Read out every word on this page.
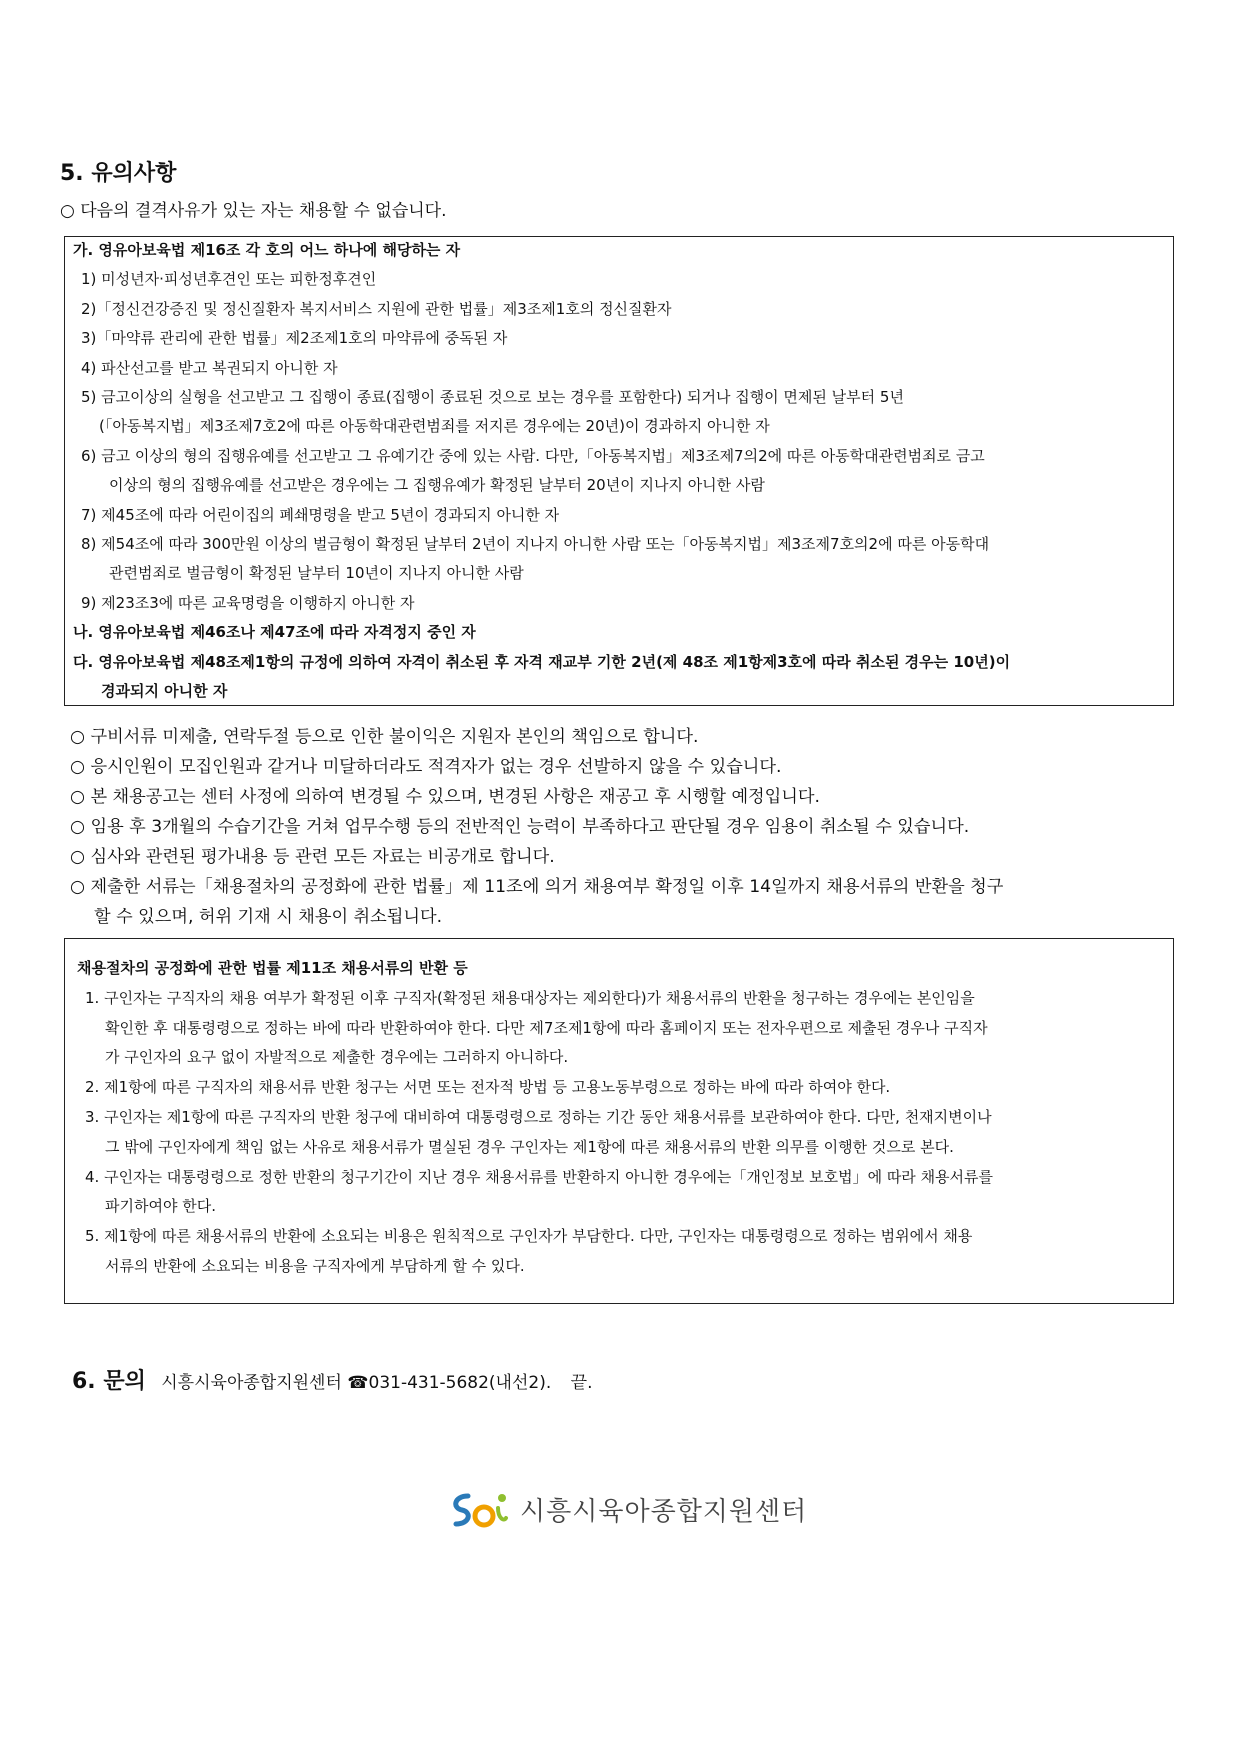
5. 유의사항
○ 다음의 결격사유가 있는 자는 채용할 수 없습니다.
가. 영유아보육법 제16조 각 호의 어느 하나에 해당하는 자
1) 미성년자·피성년후견인 또는 피한정후견인
2)「정신건강증진 및 정신질환자 복지서비스 지원에 관한 법률」제3조제1호의 정신질환자
3)「마약류 관리에 관한 법률」제2조제1호의 마약류에 중독된 자
4) 파산선고를 받고 복권되지 아니한 자
5) 금고이상의 실형을 선고받고 그 집행이 종료(집행이 종료된 것으로 보는 경우를 포함한다) 되거나 집행이 면제된 날부터 5년
(「아동복지법」제3조제7호2에 따른 아동학대관련범죄를 저지른 경우에는 20년)이 경과하지 아니한 자
6) 금고 이상의 형의 집행유예를 선고받고 그 유예기간 중에 있는 사람. 다만,「아동복지법」제3조제7의2에 따른 아동학대관련범죄로 금고
이상의 형의 집행유예를 선고받은 경우에는 그 집행유예가 확정된 날부터 20년이 지나지 아니한 사람
7) 제45조에 따라 어린이집의 폐쇄명령을 받고 5년이 경과되지 아니한 자
8) 제54조에 따라 300만원 이상의 벌금형이 확정된 날부터 2년이 지나지 아니한 사람 또는「아동복지법」제3조제7호의2에 따른 아동학대
관련범죄로 벌금형이 확정된 날부터 10년이 지나지 아니한 사람
9) 제23조3에 따른 교육명령을 이행하지 아니한 자
나. 영유아보육법 제46조나 제47조에 따라 자격정지 중인 자
다. 영유아보육법 제48조제1항의 규정에 의하여 자격이 취소된 후 자격 재교부 기한 2년(제 48조 제1항제3호에 따라 취소된 경우는 10년)이
경과되지 아니한 자
○ 구비서류 미제출, 연락두절 등으로 인한 불이익은 지원자 본인의 책임으로 합니다.
○ 응시인원이 모집인원과 같거나 미달하더라도 적격자가 없는 경우 선발하지 않을 수 있습니다.
○ 본 채용공고는 센터 사정에 의하여 변경될 수 있으며, 변경된 사항은 재공고 후 시행할 예정입니다.
○ 임용 후 3개월의 수습기간을 거쳐 업무수행 등의 전반적인 능력이 부족하다고 판단될 경우 임용이 취소될 수 있습니다.
○ 심사와 관련된 평가내용 등 관련 모든 자료는 비공개로 합니다.
○ 제출한 서류는「채용절차의 공정화에 관한 법률」제 11조에 의거 채용여부 확정일 이후 14일까지 채용서류의 반환을 청구
할 수 있으며, 허위 기재 시 채용이 취소됩니다.
채용절차의 공정화에 관한 법률 제11조 채용서류의 반환 등
1. 구인자는 구직자의 채용 여부가 확정된 이후 구직자(확정된 채용대상자는 제외한다)가 채용서류의 반환을 청구하는 경우에는 본인임을
확인한 후 대통령령으로 정하는 바에 따라 반환하여야 한다. 다만 제7조제1항에 따라 홈페이지 또는 전자우편으로 제출된 경우나 구직자
가 구인자의 요구 없이 자발적으로 제출한 경우에는 그러하지 아니하다.
2. 제1항에 따른 구직자의 채용서류 반환 청구는 서면 또는 전자적 방법 등 고용노동부령으로 정하는 바에 따라 하여야 한다.
3. 구인자는 제1항에 따른 구직자의 반환 청구에 대비하여 대통령령으로 정하는 기간 동안 채용서류를 보관하여야 한다. 다만, 천재지변이나
그 밖에 구인자에게 책임 없는 사유로 채용서류가 멸실된 경우 구인자는 제1항에 따른 채용서류의 반환 의무를 이행한 것으로 본다.
4. 구인자는 대통령령으로 정한 반환의 청구기간이 지난 경우 채용서류를 반환하지 아니한 경우에는「개인정보 보호법」에 따라 채용서류를
파기하여야 한다.
5. 제1항에 따른 채용서류의 반환에 소요되는 비용은 원칙적으로 구인자가 부담한다. 다만, 구인자는 대통령령으로 정하는 범위에서 채용
서류의 반환에 소요되는 비용을 구직자에게 부담하게 할 수 있다.
6. 문의 시흥시육아종합지원센터 ☎031-431-5682(내선2). 끝.
시흥시육아종합지원센터
